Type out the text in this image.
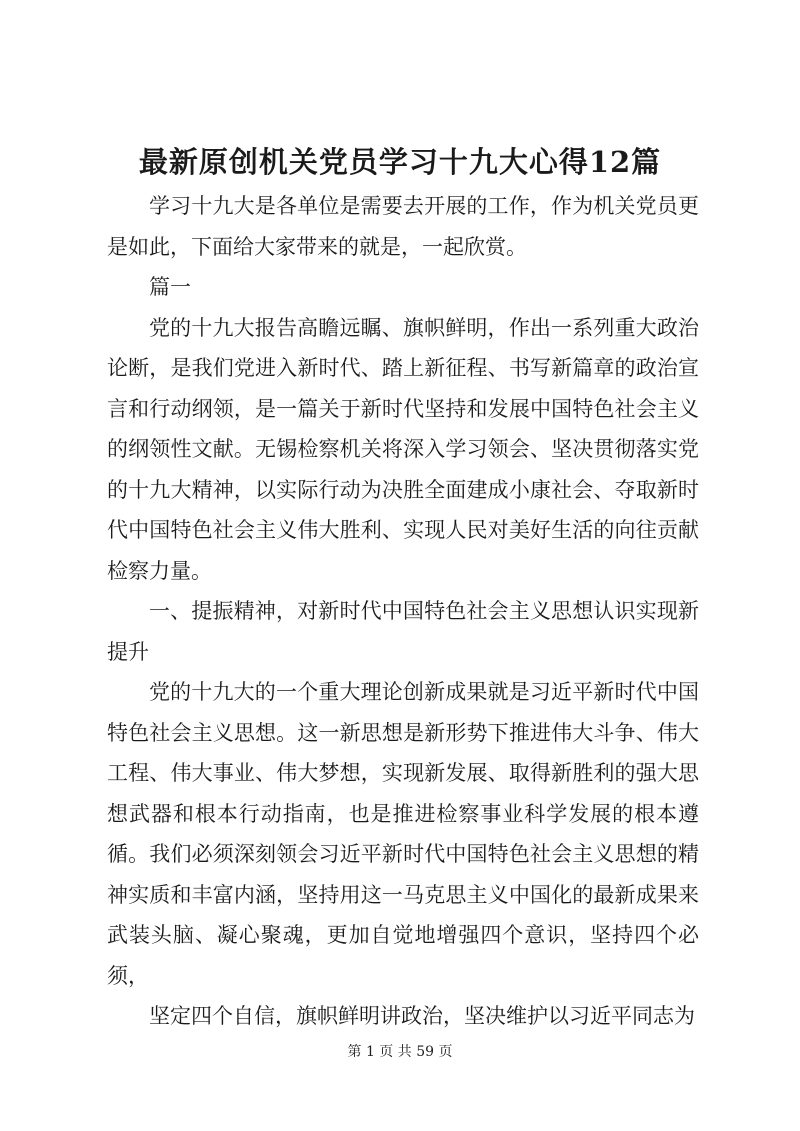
最新原创机关党员学习十九大心得12篇

学习十九大是各单位是需要去开展的工作，作为机关党员更是如此，下面给大家带来的就是，一起欣赏。

篇一

党的十九大报告高瞻远瞩、旗帜鲜明，作出一系列重大政治论断，是我们党进入新时代、踏上新征程、书写新篇章的政治宣言和行动纲领，是一篇关于新时代坚持和发展中国特色社会主义的纲领性文献。无锡检察机关将深入学习领会、坚决贯彻落实党的十九大精神，以实际行动为决胜全面建成小康社会、夺取新时代中国特色社会主义伟大胜利、实现人民对美好生活的向往贡献检察力量。

一、提振精神，对新时代中国特色社会主义思想认识实现新提升

党的十九大的一个重大理论创新成果就是习近平新时代中国特色社会主义思想。这一新思想是新形势下推进伟大斗争、伟大工程、伟大事业、伟大梦想，实现新发展、取得新胜利的强大思想武器和根本行动指南，也是推进检察事业科学发展的根本遵循。我们必须深刻领会习近平新时代中国特色社会主义思想的精神实质和丰富内涵，坚持用这一马克思主义中国化的最新成果来武装头脑、凝心聚魂，更加自觉地增强四个意识，坚持四个必须，

坚定四个自信，旗帜鲜明讲政治，坚决维护以习近平同志为

第 1 页 共 59 页
